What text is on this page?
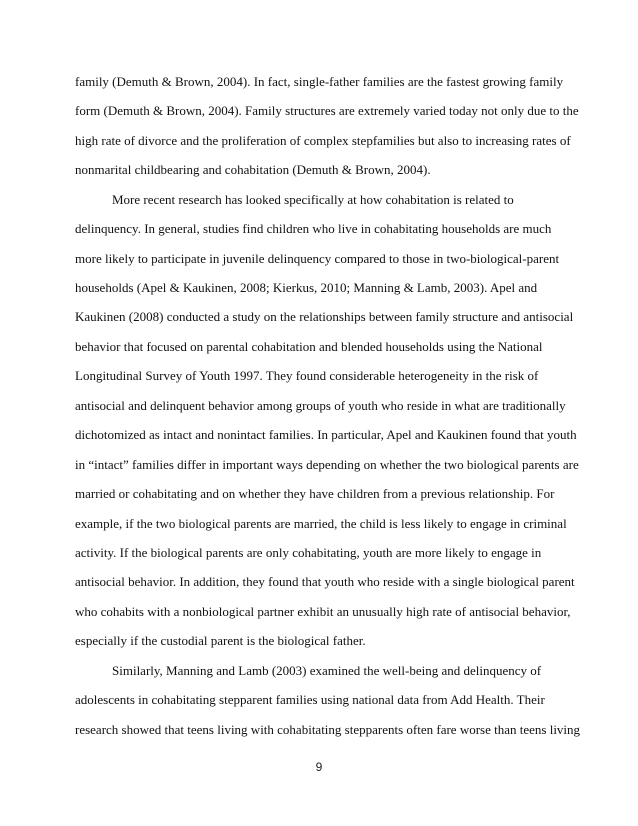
family (Demuth & Brown, 2004). In fact, single-father families are the fastest growing family
form (Demuth & Brown, 2004). Family structures are extremely varied today not only due to the
high rate of divorce and the proliferation of complex stepfamilies but also to increasing rates of
nonmarital childbearing and cohabitation (Demuth & Brown, 2004).
More recent research has looked specifically at how cohabitation is related to
delinquency. In general, studies find children who live in cohabitating households are much
more likely to participate in juvenile delinquency compared to those in two-biological-parent
households (Apel & Kaukinen, 2008; Kierkus, 2010; Manning & Lamb, 2003). Apel and
Kaukinen (2008) conducted a study on the relationships between family structure and antisocial
behavior that focused on parental cohabitation and blended households using the National
Longitudinal Survey of Youth 1997. They found considerable heterogeneity in the risk of
antisocial and delinquent behavior among groups of youth who reside in what are traditionally
dichotomized as intact and nonintact families. In particular, Apel and Kaukinen found that youth
in “intact” families differ in important ways depending on whether the two biological parents are
married or cohabitating and on whether they have children from a previous relationship. For
example, if the two biological parents are married, the child is less likely to engage in criminal
activity. If the biological parents are only cohabitating, youth are more likely to engage in
antisocial behavior. In addition, they found that youth who reside with a single biological parent
who cohabits with a nonbiological partner exhibit an unusually high rate of antisocial behavior,
especially if the custodial parent is the biological father.
Similarly, Manning and Lamb (2003) examined the well-being and delinquency of
adolescents in cohabitating stepparent families using national data from Add Health. Their
research showed that teens living with cohabitating stepparents often fare worse than teens living
9
